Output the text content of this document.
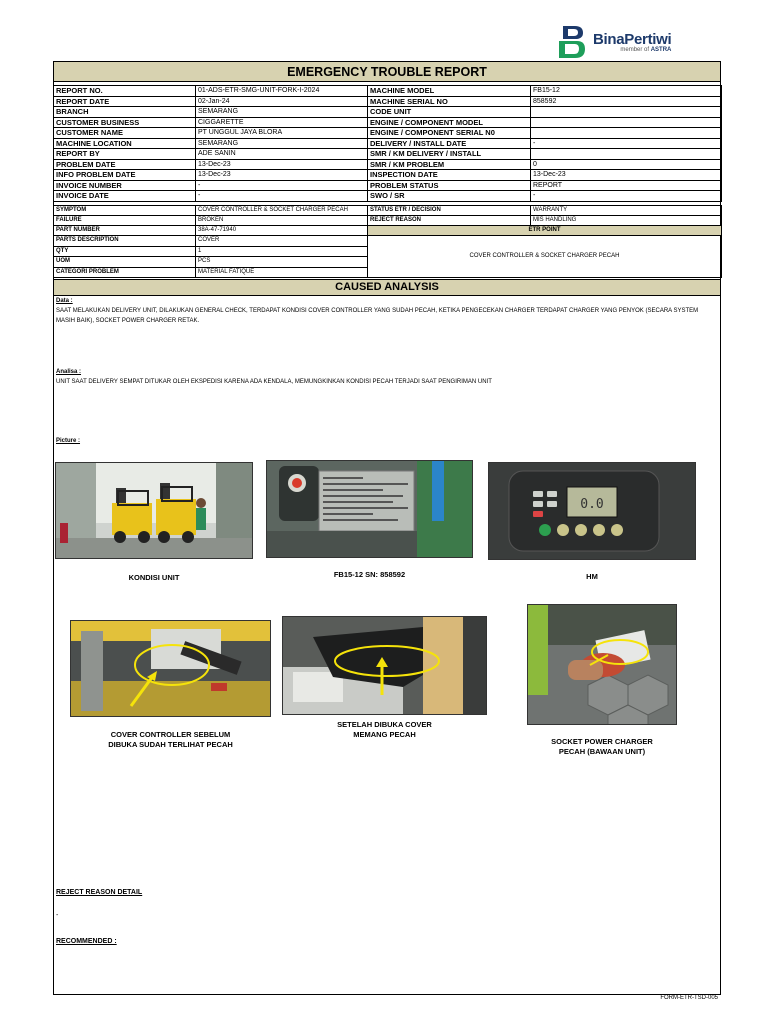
BinaPertiwi
member of ASTRA
EMERGENCY TROUBLE REPORT
REPORT NO.	01-ADS-ETR-SMG-UNIT-FORK-I-2024	MACHINE MODEL	FB15-12
REPORT DATE	02-Jan-24	MACHINE SERIAL NO	858592
BRANCH	SEMARANG	CODE UNIT	
CUSTOMER BUSINESS	CIGGARETTE	ENGINE / COMPONENT MODEL	
CUSTOMER NAME	PT UNGGUL JAYA BLORA	ENGINE / COMPONENT SERIAL N0	
MACHINE LOCATION	SEMARANG	DELIVERY / INSTALL DATE	-
REPORT BY	ADE SANIN	SMR / KM DELIVERY / INSTALL	
PROBLEM DATE	13-Dec-23	SMR / KM PROBLEM	0
INFO PROBLEM DATE	13-Dec-23	INSPECTION DATE	13-Dec-23
INVOICE NUMBER	-	PROBLEM STATUS	REPORT
INVOICE DATE	-	SWO / SR	-
SYMPTOM	COVER CONTROLLER & SOCKET CHARGER PECAH	STATUS ETR / DECISION	WARRANTY
FAILURE	BROKEN	REJECT REASON	MIS HANDLING
PART NUMBER	38A-47-71940	ETR POINT	
PARTS DESCRIPTION	COVER	COVER CONTROLLER & SOCKET CHARGER PECAH	
QTY	1		
UOM	PCS		
CATEGORI PROBLEM	MATERIAL FATIQUE		
CAUSED ANALYSIS
Data :
SAAT MELAKUKAN DELIVERY UNIT, DILAKUKAN GENERAL CHECK, TERDAPAT KONDISI COVER CONTROLLER YANG SUDAH PECAH, KETIKA PENGECEKAN CHARGER TERDAPAT CHARGER YANG PENYOK (SECARA SYSTEM MASIH BAIK), SOCKET POWER CHARGER RETAK.
Analisa :
UNIT SAAT DELIVERY SEMPAT DITUKAR OLEH EKSPEDISI KARENA ADA KENDALA, MEMUNGKINKAN KONDISI PECAH TERJADI SAAT PENGIRIMAN UNIT
Picture :
KONDISI UNIT	FB15-12 SN: 858592
0.0
HM
COVER CONTROLLER SEBELUM
DIBUKA SUDAH TERLIHAT PECAH
SETELAH DIBUKA COVER
MEMANG PECAH
SOCKET POWER CHARGER
PECAH (BAWAAN UNIT)
REJECT REASON DETAIL
-
RECOMMENDED :
FORM-ETR-TSD-005
